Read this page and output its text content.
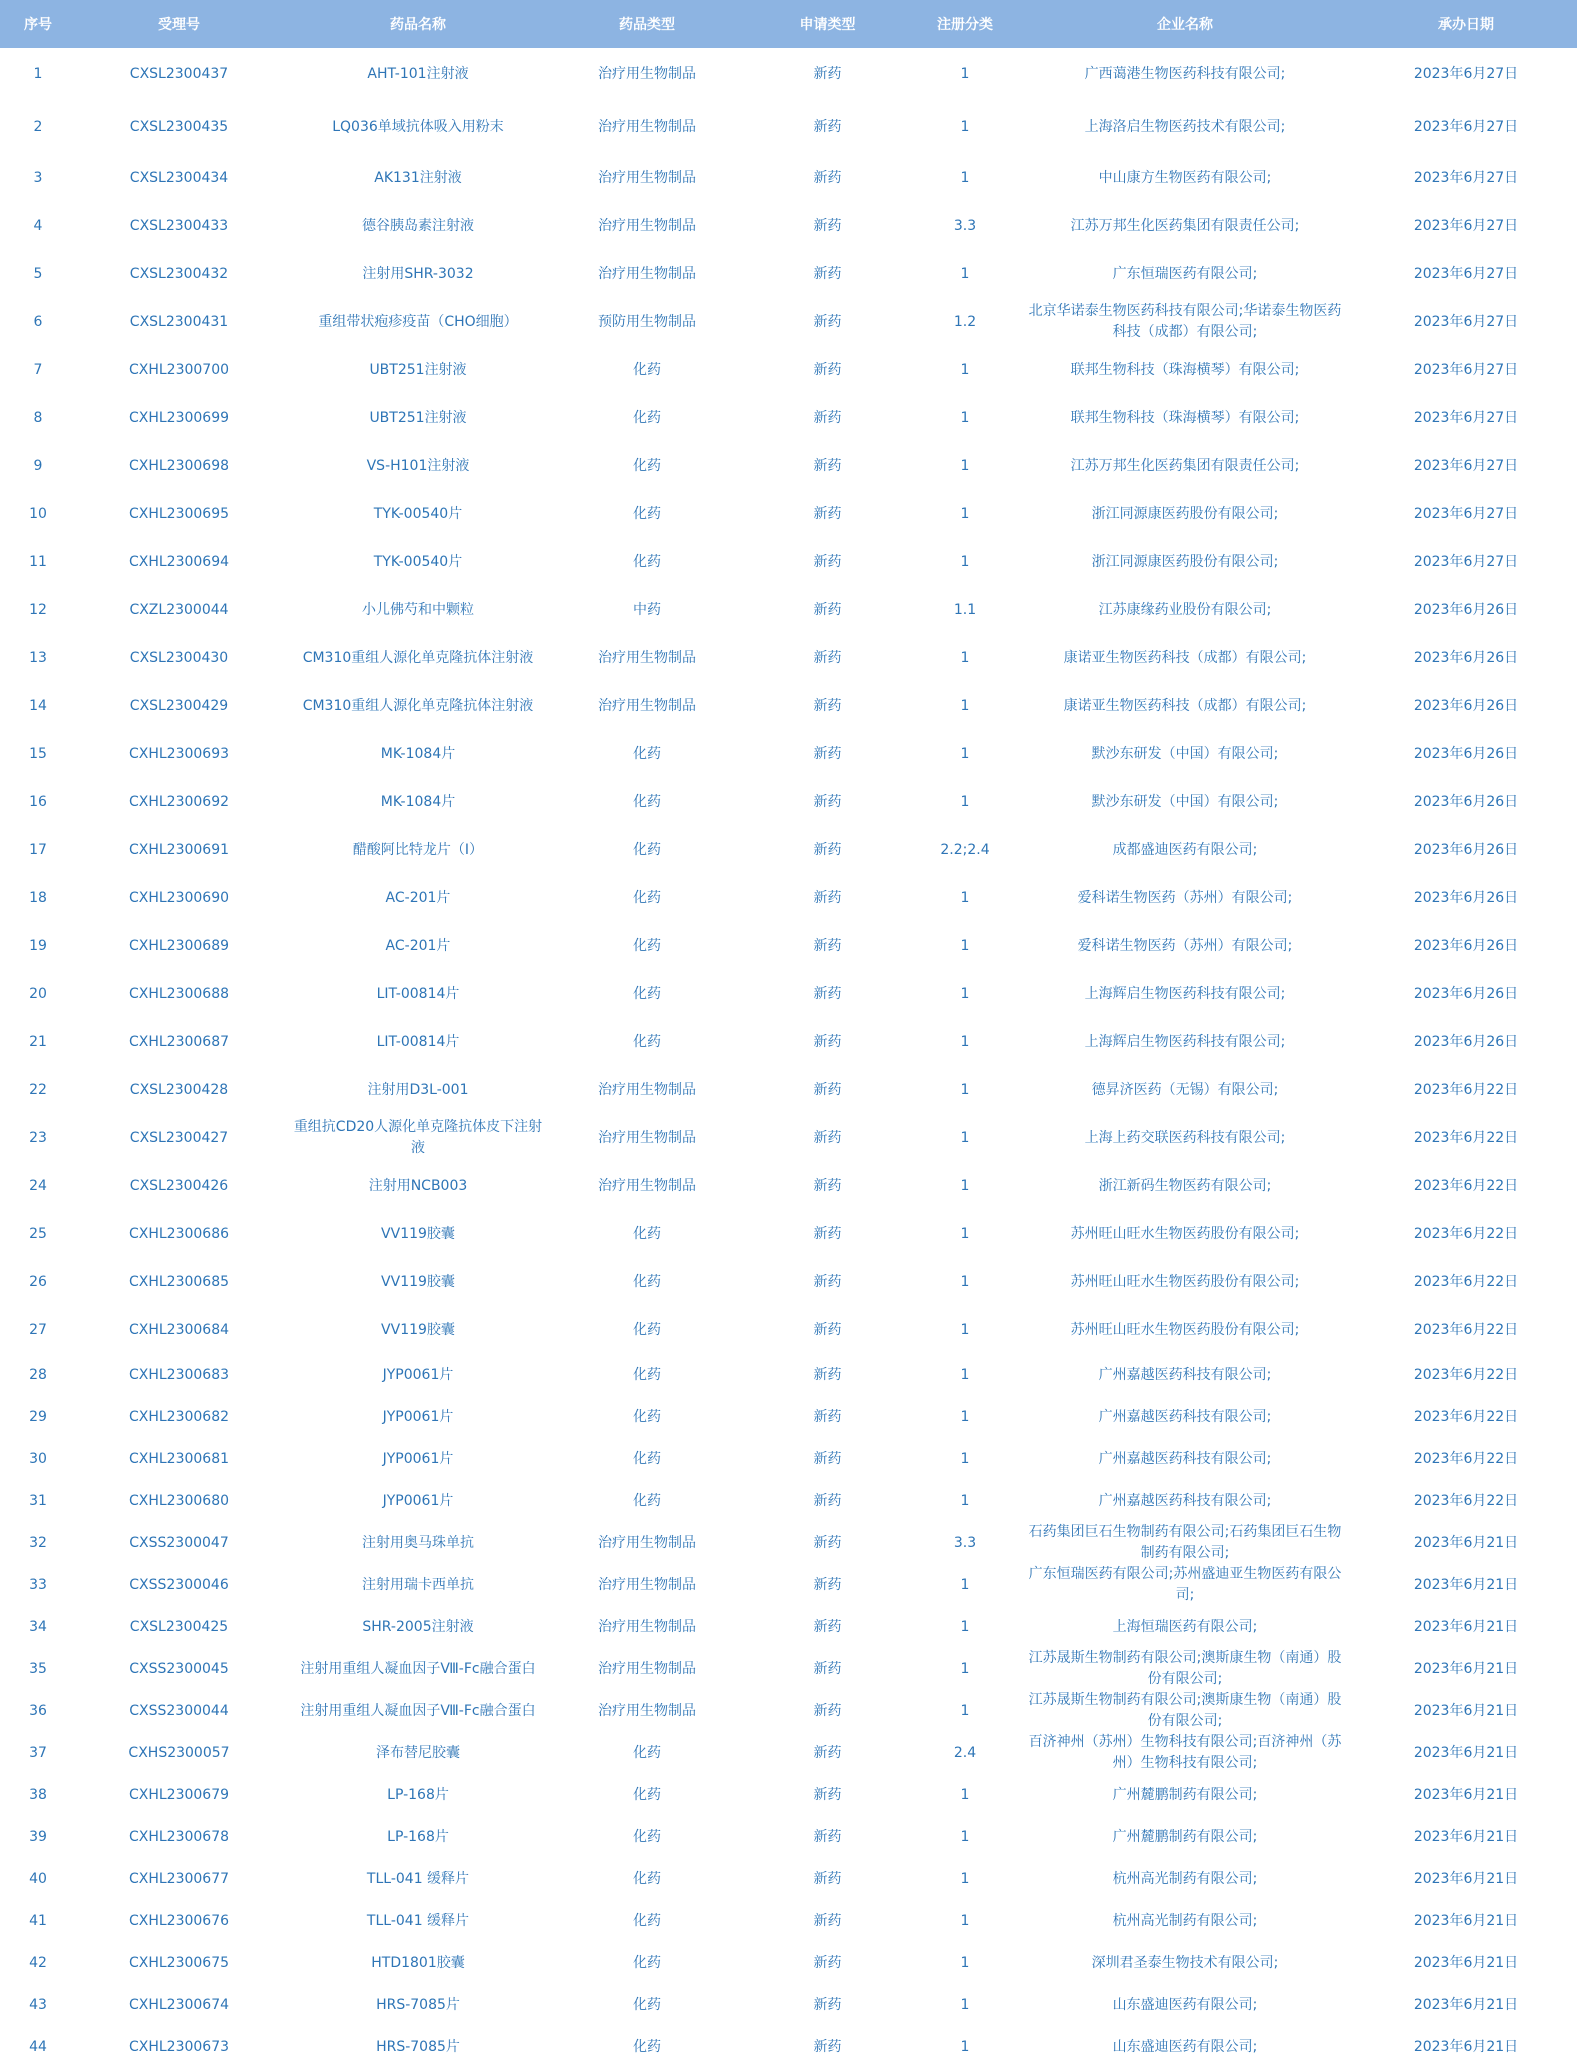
序号	受理号	药品名称	药品类型	申请类型	注册分类	企业名称	承办日期
1	CXSL2300437	AHT-101注射液	治疗用生物制品	新药	1	广西蔼港生物医药科技有限公司;	2023年6月27日
2	CXSL2300435	LQ036单域抗体吸入用粉末	治疗用生物制品	新药	1	上海洛启生物医药技术有限公司;	2023年6月27日
3	CXSL2300434	AK131注射液	治疗用生物制品	新药	1	中山康方生物医药有限公司;	2023年6月27日
4	CXSL2300433	德谷胰岛素注射液	治疗用生物制品	新药	3.3	江苏万邦生化医药集团有限责任公司;	2023年6月27日
5	CXSL2300432	注射用SHR-3032	治疗用生物制品	新药	1	广东恒瑞医药有限公司;	2023年6月27日
6	CXSL2300431	重组带状疱疹疫苗（CHO细胞）	预防用生物制品	新药	1.2	北京华诺泰生物医药科技有限公司;华诺泰生物医药科技（成都）有限公司;	2023年6月27日
7	CXHL2300700	UBT251注射液	化药	新药	1	联邦生物科技（珠海横琴）有限公司;	2023年6月27日
8	CXHL2300699	UBT251注射液	化药	新药	1	联邦生物科技（珠海横琴）有限公司;	2023年6月27日
9	CXHL2300698	VS-H101注射液	化药	新药	1	江苏万邦生化医药集团有限责任公司;	2023年6月27日
10	CXHL2300695	TYK-00540片	化药	新药	1	浙江同源康医药股份有限公司;	2023年6月27日
11	CXHL2300694	TYK-00540片	化药	新药	1	浙江同源康医药股份有限公司;	2023年6月27日
12	CXZL2300044	小儿佛芍和中颗粒	中药	新药	1.1	江苏康缘药业股份有限公司;	2023年6月26日
13	CXSL2300430	CM310重组人源化单克隆抗体注射液	治疗用生物制品	新药	1	康诺亚生物医药科技（成都）有限公司;	2023年6月26日
14	CXSL2300429	CM310重组人源化单克隆抗体注射液	治疗用生物制品	新药	1	康诺亚生物医药科技（成都）有限公司;	2023年6月26日
15	CXHL2300693	MK-1084片	化药	新药	1	默沙东研发（中国）有限公司;	2023年6月26日
16	CXHL2300692	MK-1084片	化药	新药	1	默沙东研发（中国）有限公司;	2023年6月26日
17	CXHL2300691	醋酸阿比特龙片（Ⅰ）	化药	新药	2.2;2.4	成都盛迪医药有限公司;	2023年6月26日
18	CXHL2300690	AC-201片	化药	新药	1	爱科诺生物医药（苏州）有限公司;	2023年6月26日
19	CXHL2300689	AC-201片	化药	新药	1	爱科诺生物医药（苏州）有限公司;	2023年6月26日
20	CXHL2300688	LIT-00814片	化药	新药	1	上海辉启生物医药科技有限公司;	2023年6月26日
21	CXHL2300687	LIT-00814片	化药	新药	1	上海辉启生物医药科技有限公司;	2023年6月26日
22	CXSL2300428	注射用D3L-001	治疗用生物制品	新药	1	德昇济医药（无锡）有限公司;	2023年6月22日
23	CXSL2300427	重组抗CD20人源化单克隆抗体皮下注射液	治疗用生物制品	新药	1	上海上药交联医药科技有限公司;	2023年6月22日
24	CXSL2300426	注射用NCB003	治疗用生物制品	新药	1	浙江新码生物医药有限公司;	2023年6月22日
25	CXHL2300686	VV119胶囊	化药	新药	1	苏州旺山旺水生物医药股份有限公司;	2023年6月22日
26	CXHL2300685	VV119胶囊	化药	新药	1	苏州旺山旺水生物医药股份有限公司;	2023年6月22日
27	CXHL2300684	VV119胶囊	化药	新药	1	苏州旺山旺水生物医药股份有限公司;	2023年6月22日
28	CXHL2300683	JYP0061片	化药	新药	1	广州嘉越医药科技有限公司;	2023年6月22日
29	CXHL2300682	JYP0061片	化药	新药	1	广州嘉越医药科技有限公司;	2023年6月22日
30	CXHL2300681	JYP0061片	化药	新药	1	广州嘉越医药科技有限公司;	2023年6月22日
31	CXHL2300680	JYP0061片	化药	新药	1	广州嘉越医药科技有限公司;	2023年6月22日
32	CXSS2300047	注射用奥马珠单抗	治疗用生物制品	新药	3.3	石药集团巨石生物制药有限公司;石药集团巨石生物制药有限公司;	2023年6月21日
33	CXSS2300046	注射用瑞卡西单抗	治疗用生物制品	新药	1	广东恒瑞医药有限公司;苏州盛迪亚生物医药有限公司;	2023年6月21日
34	CXSL2300425	SHR-2005注射液	治疗用生物制品	新药	1	上海恒瑞医药有限公司;	2023年6月21日
35	CXSS2300045	注射用重组人凝血因子Ⅷ-Fc融合蛋白	治疗用生物制品	新药	1	江苏晟斯生物制药有限公司;澳斯康生物（南通）股份有限公司;	2023年6月21日
36	CXSS2300044	注射用重组人凝血因子Ⅷ-Fc融合蛋白	治疗用生物制品	新药	1	江苏晟斯生物制药有限公司;澳斯康生物（南通）股份有限公司;	2023年6月21日
37	CXHS2300057	泽布替尼胶囊	化药	新药	2.4	百济神州（苏州）生物科技有限公司;百济神州（苏州）生物科技有限公司;	2023年6月21日
38	CXHL2300679	LP-168片	化药	新药	1	广州麓鹏制药有限公司;	2023年6月21日
39	CXHL2300678	LP-168片	化药	新药	1	广州麓鹏制药有限公司;	2023年6月21日
40	CXHL2300677	TLL-041 缓释片	化药	新药	1	杭州高光制药有限公司;	2023年6月21日
41	CXHL2300676	TLL-041 缓释片	化药	新药	1	杭州高光制药有限公司;	2023年6月21日
42	CXHL2300675	HTD1801胶囊	化药	新药	1	深圳君圣泰生物技术有限公司;	2023年6月21日
43	CXHL2300674	HRS-7085片	化药	新药	1	山东盛迪医药有限公司;	2023年6月21日
44	CXHL2300673	HRS-7085片	化药	新药	1	山东盛迪医药有限公司;	2023年6月21日
